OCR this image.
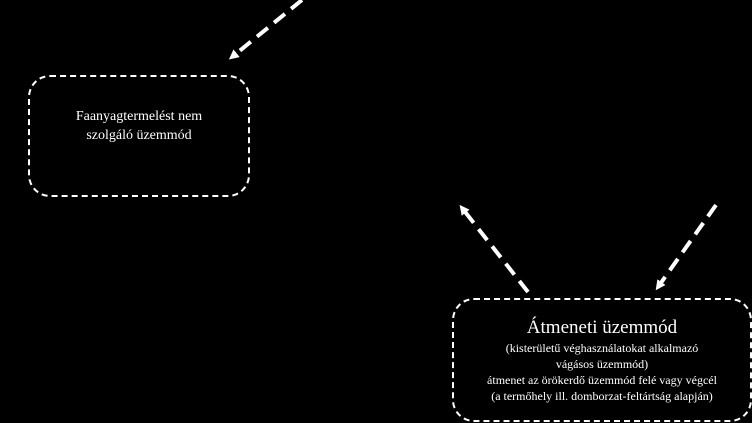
Faanyagtermelést nem
szolgáló üzemmód
Átmeneti üzemmód
(kisterületű véghasználatokat alkalmazó
vágásos üzemmód)
átmenet az örökerdő üzemmód felé vagy végcél
(a termőhely ill. domborzat-feltártság alapján)
